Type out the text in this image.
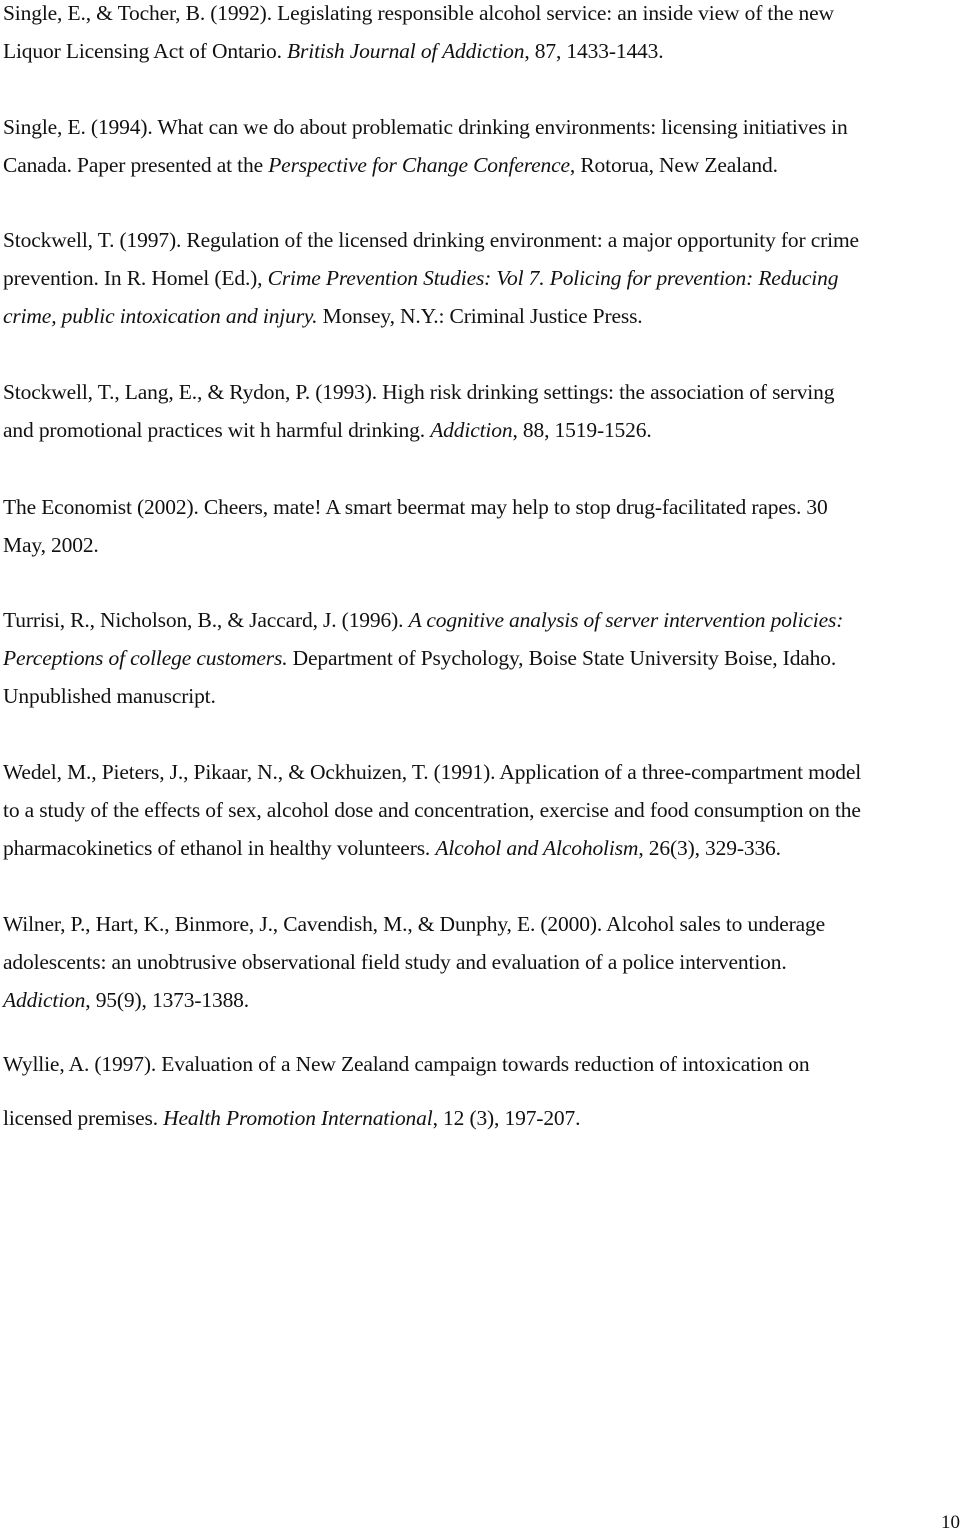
Single, E., & Tocher, B. (1992). Legislating responsible alcohol service: an inside view of the new
Liquor Licensing Act of Ontario. British Journal of Addiction, 87, 1433-1443.
Single, E. (1994). What can we do about problematic drinking environments: licensing initiatives in
Canada. Paper presented at the Perspective for Change Conference, Rotorua, New Zealand.
Stockwell, T. (1997). Regulation of the licensed drinking environment: a major opportunity for crime
prevention. In R. Homel (Ed.), Crime Prevention Studies: Vol 7. Policing for prevention: Reducing
crime, public intoxication and injury. Monsey, N.Y.: Criminal Justice Press.
Stockwell, T., Lang, E., & Rydon, P. (1993). High risk drinking settings: the association of serving
and promotional practices wit h harmful drinking. Addiction, 88, 1519-1526.
The Economist (2002). Cheers, mate! A smart beermat may help to stop drug-facilitated rapes. 30
May, 2002.
Turrisi, R., Nicholson, B., & Jaccard, J. (1996). A cognitive analysis of server intervention policies:
Perceptions of college customers. Department of Psychology, Boise State University Boise, Idaho.
Unpublished manuscript.
Wedel, M., Pieters, J., Pikaar, N., & Ockhuizen, T. (1991). Application of a three-compartment model
to a study of the effects of sex, alcohol dose and concentration, exercise and food consumption on the
pharmacokinetics of ethanol in healthy volunteers. Alcohol and Alcoholism, 26(3), 329-336.
Wilner, P., Hart, K., Binmore, J., Cavendish, M., & Dunphy, E. (2000). Alcohol sales to underage
adolescents: an unobtrusive observational field study and evaluation of a police intervention.
Addiction, 95(9), 1373-1388.
Wyllie, A. (1997). Evaluation of a New Zealand campaign towards reduction of intoxication on
licensed premises. Health Promotion International, 12 (3), 197-207.
10
